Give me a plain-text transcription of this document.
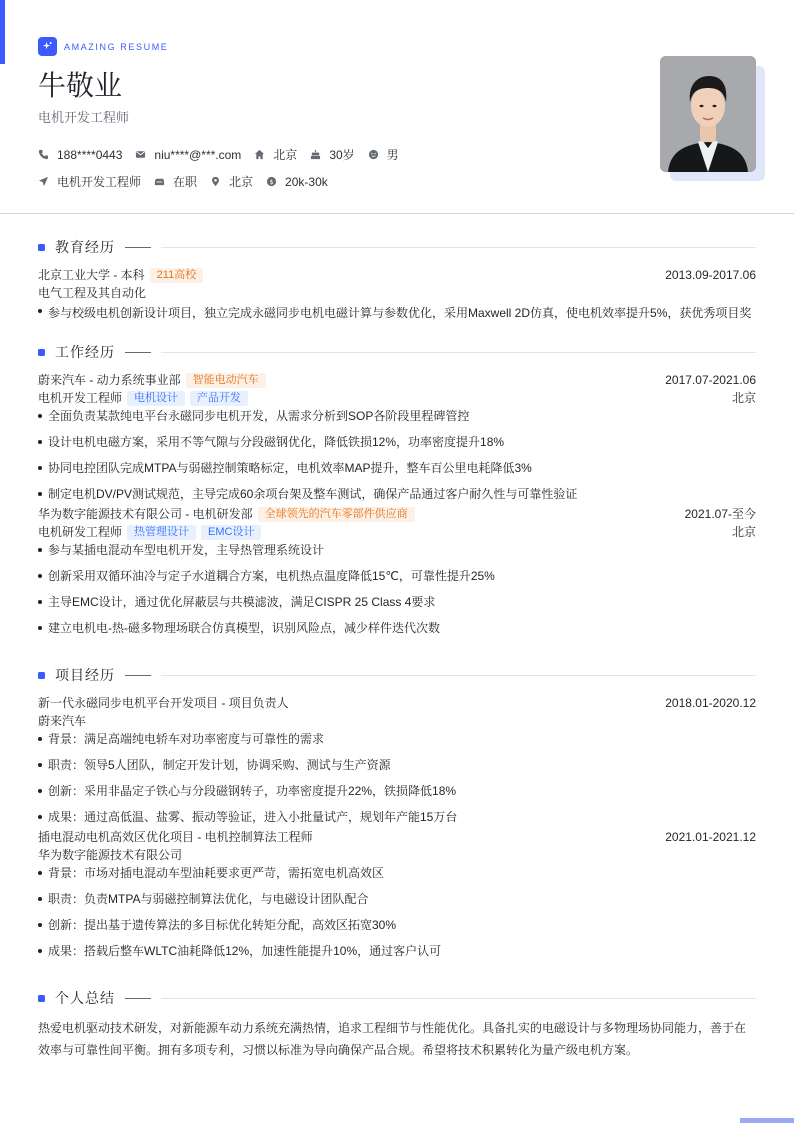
AMAZING RESUME
牛敬业
电机开发工程师
188****0443	niu****@***.com	北京	30岁	男
电机开发工程师	在职	北京 $ 20k-30k
教育经历
北京工业大学 - 本科	211高校	2013.09-2017.06
电气工程及其自动化
参与校级电机创新设计项目，独立完成永磁同步电机电磁计算与参数优化，采用Maxwell 2D仿真，使电机效率提升5%，获优秀项目奖
工作经历
蔚来汽车 - 动力系统事业部	智能电动汽车	2017.07-2021.06
电机开发工程师	电机设计	产品开发	北京
全面负责某款纯电平台永磁同步电机开发，从需求分析到SOP各阶段里程碑管控
设计电机电磁方案，采用不等气隙与分段磁钢优化，降低铁损12%，功率密度提升18%
协同电控团队完成MTPA与弱磁控制策略标定，电机效率MAP提升，整车百公里电耗降低3%
制定电机DV/PV测试规范，主导完成60余项台架及整车测试，确保产品通过客户耐久性与可靠性验证
华为数字能源技术有限公司 - 电机研发部	全球领先的汽车零部件供应商	2021.07-至今
电机研发工程师	热管理设计	EMC设计	北京
参与某插电混动车型电机开发，主导热管理系统设计
创新采用双循环油冷与定子水道耦合方案，电机热点温度降低15℃，可靠性提升25%
主导EMC设计，通过优化屏蔽层与共模滤波，满足CISPR 25 Class 4要求
建立电机电-热-磁多物理场联合仿真模型，识别风险点，减少样件迭代次数
项目经历
新一代永磁同步电机平台开发项目 - 项目负责人	2018.01-2020.12
蔚来汽车
背景：满足高端纯电轿车对功率密度与可靠性的需求
职责：领导5人团队，制定开发计划，协调采购、测试与生产资源
创新：采用非晶定子铁心与分段磁钢转子，功率密度提升22%，铁损降低18%
成果：通过高低温、盐雾、振动等验证，进入小批量试产，规划年产能15万台
插电混动电机高效区优化项目 - 电机控制算法工程师	2021.01-2021.12
华为数字能源技术有限公司
背景：市场对插电混动车型油耗要求更严苛，需拓宽电机高效区
职责：负责MTPA与弱磁控制算法优化，与电磁设计团队配合
创新：提出基于遗传算法的多目标优化转矩分配，高效区拓宽30%
成果：搭载后整车WLTC油耗降低12%，加速性能提升10%，通过客户认可
个人总结

热爱电机驱动技术研发，对新能源车动力系统充满热情，追求工程细节与性能优化。具备扎实的电磁设计与多物理场协同能力，善于在效率与可靠性间平衡。拥有多项专利，习惯以标准为导向确保产品合规。希望将技术积累转化为量产级电机方案。
